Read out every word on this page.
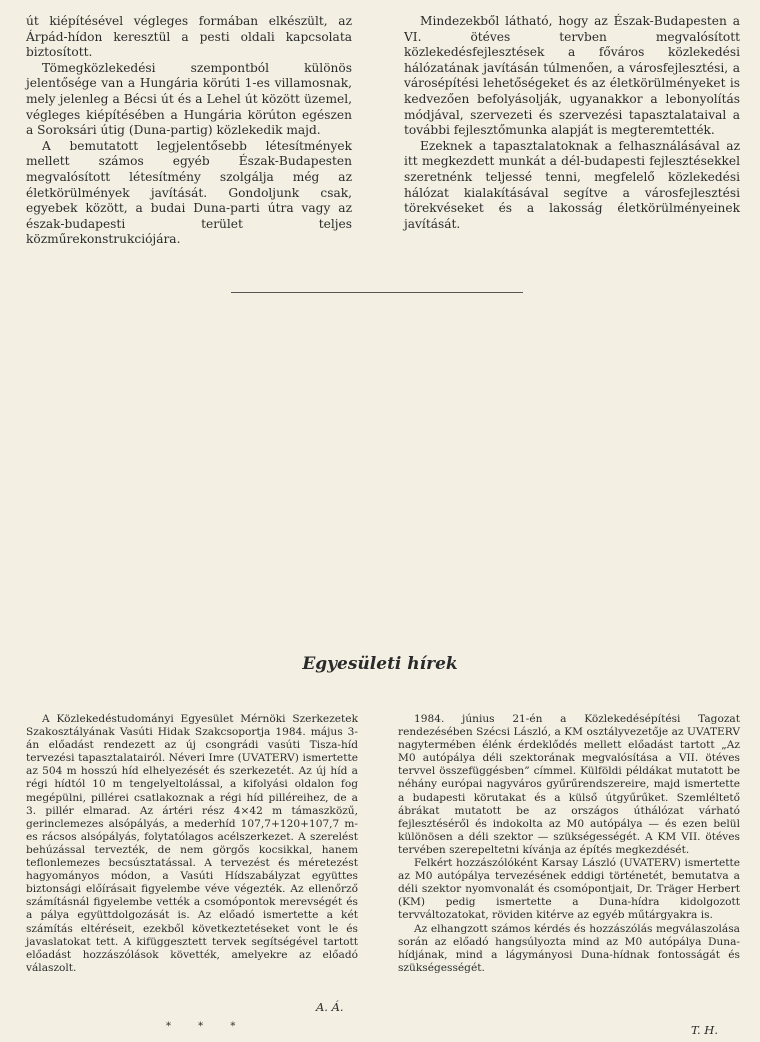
út kiépítésével végleges formában elkészült, az Árpád-hídon keresztül a pesti oldali kapcsolata biztosított.

Tömegközlekedési szempontból különös jelentősége van a Hungária körúti 1-es villamosnak, mely jelenleg a Bécsi út és a Lehel út között üzemel, végleges kiépítésében a Hungária körúton egészen a Soroksári útig (Duna-partig) közlekedik majd.

A bemutatott legjelentősebb létesítmények mellett számos egyéb Észak-Budapesten megvalósított létesítmény szolgálja még az életkörülmények javítását. Gondoljunk csak, egyebek között, a budai Duna-parti útra vagy az észak-budapesti terület teljes közműrekonstrukciójára.

Mindezekből látható, hogy az Észak-Budapesten a VI. ötéves tervben megvalósított közlekedésfejlesztések a főváros közlekedési hálózatának javításán túlmenően, a városfejlesztési, a városépítési lehetőségeket és az életkörülményeket is kedvezően befolyásolják, ugyanakkor a lebonyolítás módjával, szervezeti és szervezési tapasztalataival a további fejlesztőmunka alapját is megteremtették.

Ezeknek a tapasztalatoknak a felhasználásával az itt megkezdett munkát a dél-budapesti fejlesztésekkel szeretnénk teljessé tenni, megfelelő közlekedési hálózat kialakításával segítve a városfejlesztési törekvéseket és a lakosság életkörülményeinek javítását.

Egyesületi hírek

A Közlekedéstudományi Egyesület Mérnöki Szerkezetek Szakosztályának Vasúti Hidak Szakcsoportja 1984. május 3-án előadást rendezett az új csongrádi vasúti Tisza-híd tervezési tapasztalatairól. Néveri Imre (UVATERV) ismertette az 504 m hosszú híd elhelyezését és szerkezetét. Az új híd a régi hídtól 10 m tengelyeltolással, a kifolyási oldalon fog megépülni, pillérei csatlakoznak a régi híd pilléreihez, de a 3. pillér elmarad. Az ártéri rész 4×42 m támaszközű, gerinclemezes alsópályás, a mederhíd 107,7+120+107,7 m-es rácsos alsópályás, folytatólagos acélszerkezet. A szerelést behúzással tervezték, de nem görgős kocsikkal, hanem teflonlemezes becsúsztatással. A tervezést és méretezést hagyományos módon, a Vasúti Hídszabályzat együttes biztonsági előírásait figyelembe véve végezték. Az ellenőrző számításnál figyelembe vették a csomópontok merevségét és a pálya együttdolgozását is. Az előadó ismertette a két számítás eltéréseit, ezekből következtetéseket vont le és javaslatokat tett. A kifüggesztett tervek segítségével tartott előadást hozzászólások követték, amelyekre az előadó válaszolt.

A. Á.

1984. június 21-én a Közlekedésépítési Tagozat rendezésében Szécsi László, a KM osztályvezetője az UVATERV nagytermében élénk érdeklődés mellett előadást tartott „Az M0 autópálya déli szektorának megvalósítása a VII. ötéves tervvel összefüggésben” címmel. Külföldi példákat mutatott be néhány európai nagyváros gyűrűrendszereire, majd ismertette a budapesti körutakat és a külső útgyűrűket. Szemléltető ábrákat mutatott be az országos úthálózat várható fejlesztéséről és indokolta az M0 autópálya — és ezen belül különösen a déli szektor — szükségességét. A KM VII. ötéves tervében szerepeltetni kívánja az építés megkezdését.

Felkért hozzászólóként Karsay László (UVATERV) ismertette az M0 autópálya tervezésének eddigi történetét, bemutatva a déli szektor nyomvonalát és csomópontjait, Dr. Träger Herbert (KM) pedig ismertette a Duna-hídra kidolgozott tervváltozatokat, röviden kitérve az egyéb műtárgyakra is.

Az elhangzott számos kérdés és hozzászólás megválaszolása során az előadó hangsúlyozta mind az M0 autópálya Duna-hídjának, mind a lágymányosi Duna-hídnak fontosságát és szükségességét.

T. H.
* * *
